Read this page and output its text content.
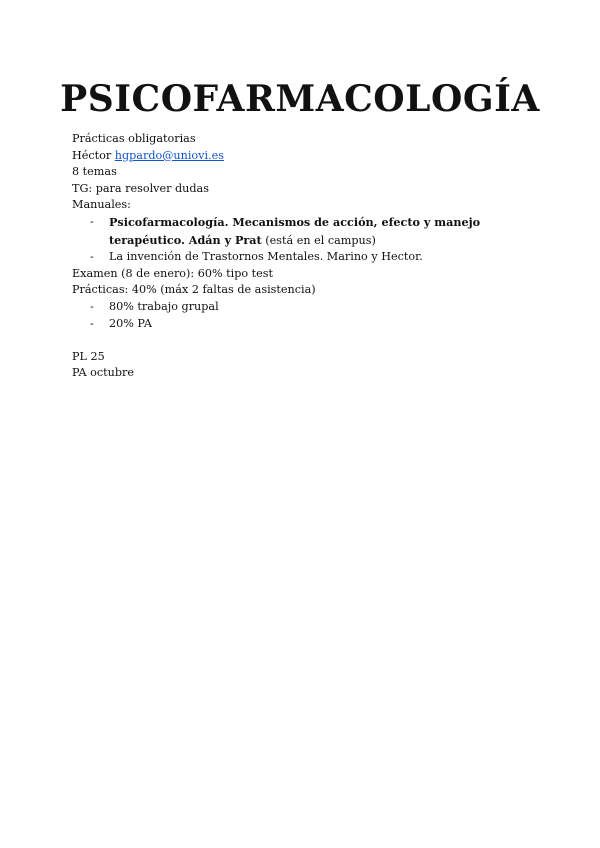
PSICOFARMACOLOGÍA
Prácticas obligatorias
Héctor hgpardo@uniovi.es
8 temas
TG: para resolver dudas
Manuales:
- Psicofarmacología. Mecanismos de acción, efecto y manejo terapéutico. Adán y Prat (está en el campus)
- La invención de Trastornos Mentales. Marino y Hector.
Examen (8 de enero): 60% tipo test
Prácticas: 40% (máx 2 faltas de asistencia)
- 80% trabajo grupal
- 20% PA
PL 25
PA octubre
